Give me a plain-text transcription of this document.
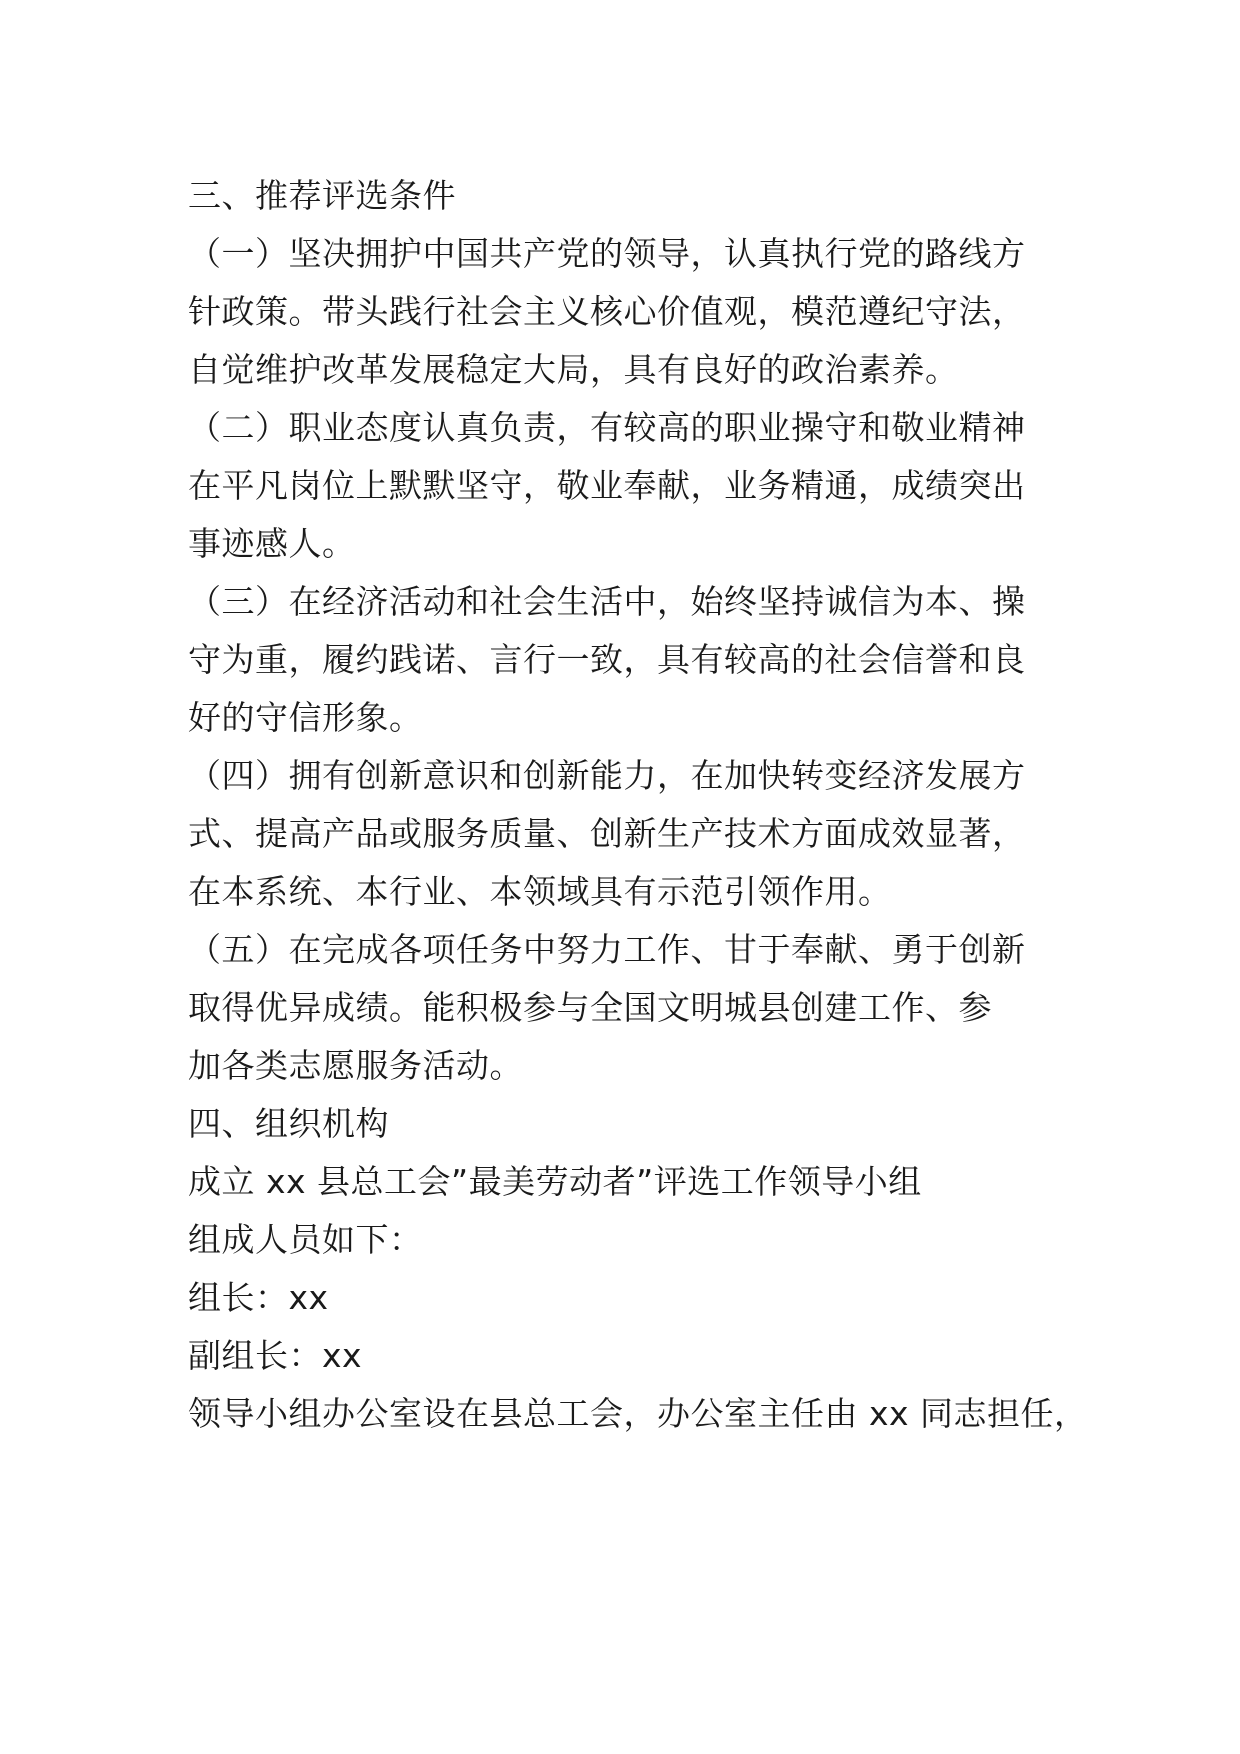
三、推荐评选条件
（一）坚决拥护中国共产党的领导，认真执行党的路线方
针政策。带头践行社会主义核心价值观，模范遵纪守法，
自觉维护改革发展稳定大局，具有良好的政治素养。
（二）职业态度认真负责，有较高的职业操守和敬业精神
在平凡岗位上默默坚守，敬业奉献，业务精通，成绩突出
事迹感人。
（三）在经济活动和社会生活中，始终坚持诚信为本、操
守为重，履约践诺、言行一致，具有较高的社会信誉和良
好的守信形象。
（四）拥有创新意识和创新能力，在加快转变经济发展方
式、提高产品或服务质量、创新生产技术方面成效显著，
在本系统、本行业、本领域具有示范引领作用。
（五）在完成各项任务中努力工作、甘于奉献、勇于创新
取得优异成绩。能积极参与全国文明城县创建工作、参
加各类志愿服务活动。
四、组织机构
成立 xx 县总工会”最美劳动者”评选工作领导小组
组成人员如下：
组长：xx
副组长：xx
领导小组办公室设在县总工会，办公室主任由 xx 同志担任，
